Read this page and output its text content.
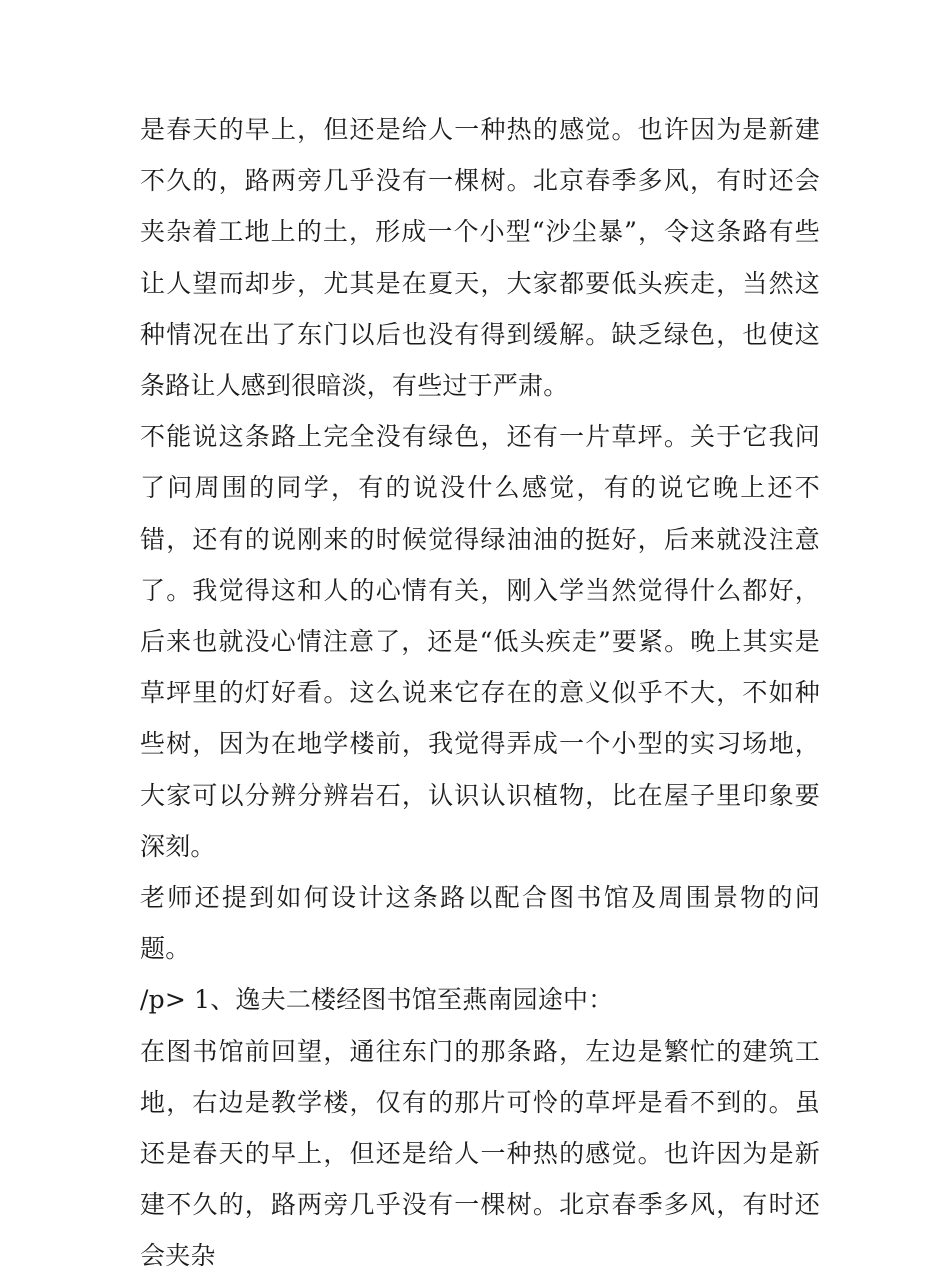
是春天的早上，但还是给人一种热的感觉。也许因为是新建不久的，路两旁几乎没有一棵树。北京春季多风，有时还会夹杂着工地上的土，形成一个小型“沙尘暴”，令这条路有些让人望而却步，尤其是在夏天，大家都要低头疾走，当然这种情况在出了东门以后也没有得到缓解。缺乏绿色，也使这条路让人感到很暗淡，有些过于严肃。

不能说这条路上完全没有绿色，还有一片草坪。关于它我问了问周围的同学，有的说没什么感觉，有的说它晚上还不错，还有的说刚来的时候觉得绿油油的挺好，后来就没注意了。我觉得这和人的心情有关，刚入学当然觉得什么都好，后来也就没心情注意了，还是“低头疾走”要紧。晚上其实是草坪里的灯好看。这么说来它存在的意义似乎不大，不如种些树，因为在地学楼前，我觉得弄成一个小型的实习场地，大家可以分辨分辨岩石，认识认识植物，比在屋子里印象要深刻。

老师还提到如何设计这条路以配合图书馆及周围景物的问题。

/p> 1、逸夫二楼经图书馆至燕南园途中：

在图书馆前回望，通往东门的那条路，左边是繁忙的建筑工地，右边是教学楼，仅有的那片可怜的草坪是看不到的。虽还是春天的早上，但还是给人一种热的感觉。也许因为是新建不久的，路两旁几乎没有一棵树。北京春季多风，有时还会夹杂
